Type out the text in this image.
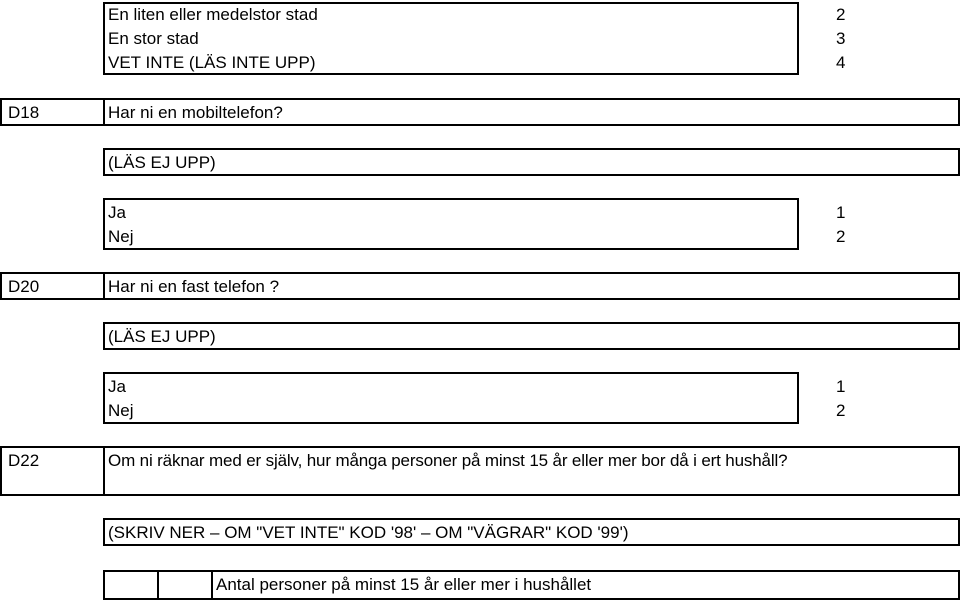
En liten eller medelstor stad	2
En stor stad	3
VET INTE (LÄS INTE UPP)	4
D18	Har ni en mobiltelefon?
(LÄS EJ UPP)
Ja	1
Nej	2
D20	Har ni en fast telefon ?
(LÄS EJ UPP)
Ja	1
Nej	2
D22	Om ni räknar med er själv, hur många personer på minst 15 år eller mer bor då i ert hushåll?
(SKRIV NER – OM "VET INTE" KOD '98' – OM "VÄGRAR" KOD '99')
Antal personer på minst 15 år eller mer i hushållet
